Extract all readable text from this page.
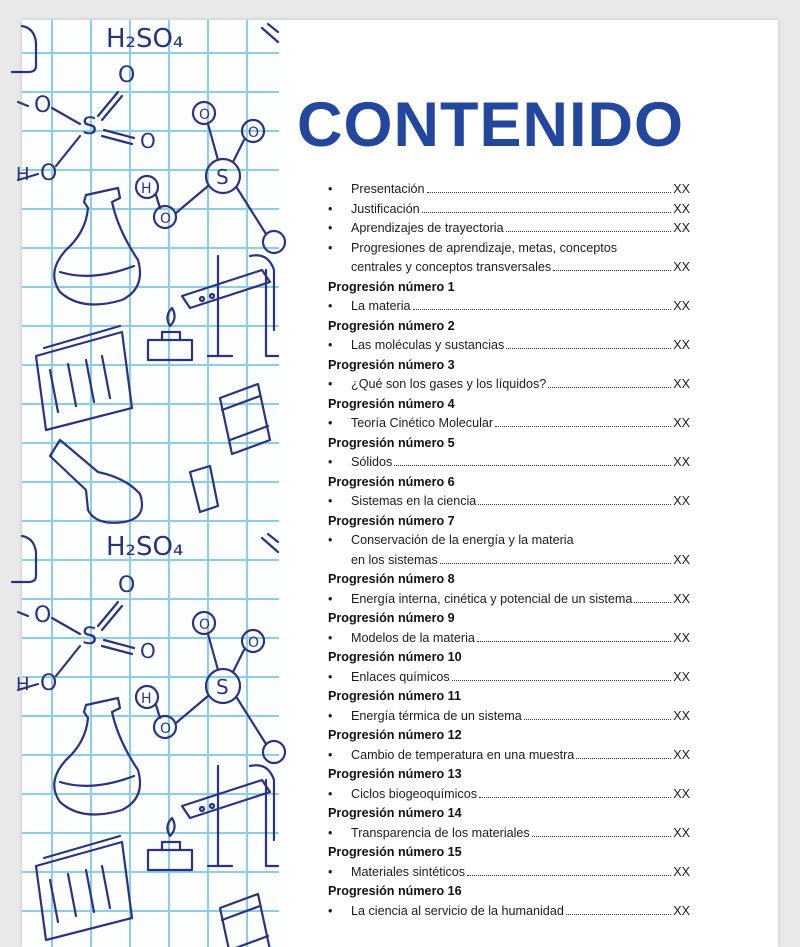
O
O
S
O
O
H	S
O
O
H
O
H₂SO₄
H₂SO₄
CONTENIDO
• Presentación	XX
• Justificación	XX
• Aprendizajes de trayectoria	XX
• Progresiones de aprendizaje, metas, conceptos
centrales y conceptos transversales	XX
Progresión número 1
• La materia	XX
Progresión número 2
• Las moléculas y sustancias	XX
Progresión número 3
• ¿Qué son los gases y los líquidos?	XX
Progresión número 4
• Teoría Cinético Molecular	XX
Progresión número 5
• Sólidos	XX
Progresión número 6
• Sistemas en la ciencia	XX
Progresión número 7
• Conservación de la energía y la materia
en los sistemas	XX
Progresión número 8
• Energía interna, cinética y potencial de un sistema	XX
Progresión número 9
• Modelos de la materia	XX
Progresión número 10
• Enlaces químicos	XX
Progresión número 11
• Energía térmica de un sistema	XX
Progresión número 12
• Cambio de temperatura en una muestra	XX
Progresión número 13
• Ciclos biogeoquímicos	XX
Progresión número 14
• Transparencia de los materiales	XX
Progresión número 15
• Materiales sintéticos	XX
Progresión número 16
• La ciencia al servicio de la humanidad	XX
